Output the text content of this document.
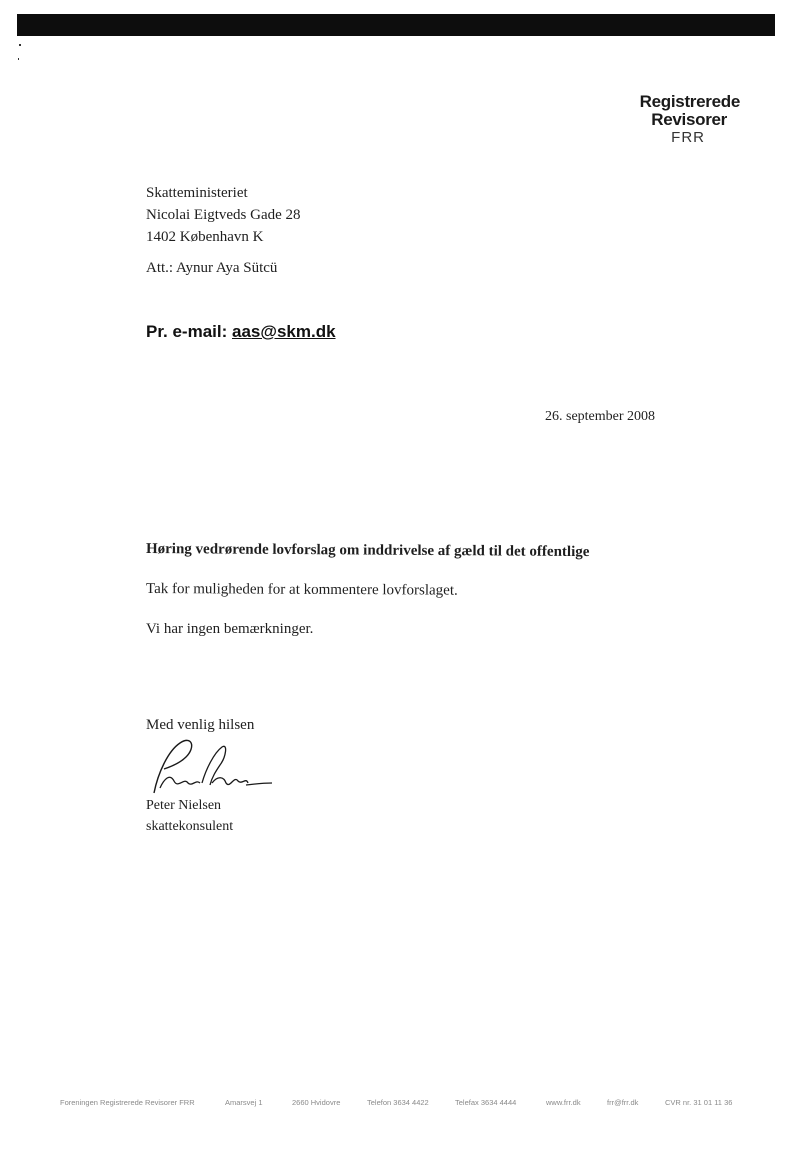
Registrerede
Revisorer
FRR
Skatteministeriet
Nicolai Eigtveds Gade 28
1402 København K
Att.: Aynur Aya Sütcü
Pr. e-mail: aas@skm.dk
26. september 2008
Høring vedrørende lovforslag om inddrivelse af gæld til det offentlige
Tak for muligheden for at kommentere lovforslaget.
Vi har ingen bemærkninger.
Med venlig hilsen
Peter Nielsen
skattekonsulent
Foreningen Registrerede Revisorer FRR	Amarsvej 1	2660 Hvidovre	Telefon 3634 4422	Telefax 3634 4444	www.frr.dk	frr@frr.dk	CVR nr. 31 01 11 36
